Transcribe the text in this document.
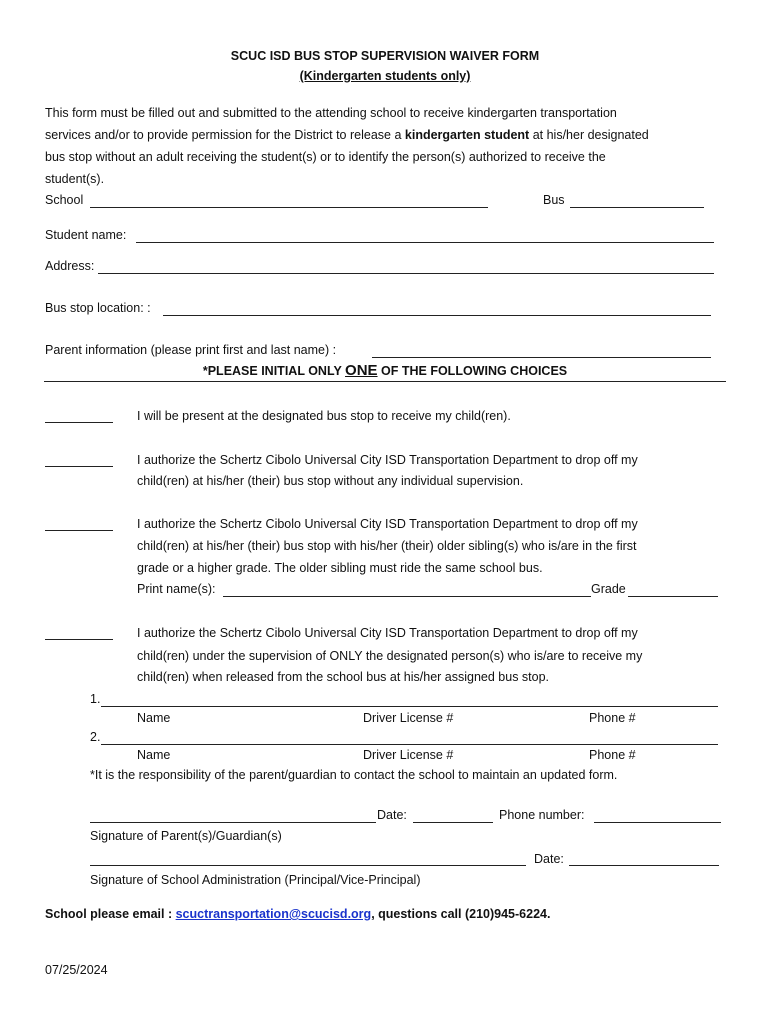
SCUC ISD BUS STOP SUPERVISION WAIVER FORM
(Kindergarten students only)
This form must be filled out and submitted to the attending school to receive kindergarten transportation
services and/or to provide permission for the District to release a kindergarten student at his/her designated
bus stop without an adult receiving the student(s) or to identify the person(s) authorized to receive the
student(s).
School	Bus
Student name:
Address:
Bus stop location: :
Parent information (please print first and last name) :
*PLEASE INITIAL ONLY ONE OF THE FOLLOWING CHOICES
I will be present at the designated bus stop to receive my child(ren).
I authorize the Schertz Cibolo Universal City ISD Transportation Department to drop off my
child(ren) at his/her (their) bus stop without any individual supervision.
I authorize the Schertz Cibolo Universal City ISD Transportation Department to drop off my
child(ren) at his/her (their) bus stop with his/her (their) older sibling(s) who is/are in the first
grade or a higher grade. The older sibling must ride the same school bus.
Print name(s):	Grade
I authorize the Schertz Cibolo Universal City ISD Transportation Department to drop off my
child(ren) under the supervision of ONLY the designated person(s) who is/are to receive my
child(ren) when released from the school bus at his/her assigned bus stop.
1.
Name	Driver License #	Phone #
2.
Name	Driver License #	Phone #
*It is the responsibility of the parent/guardian to contact the school to maintain an updated form.
Date:	Phone number:
Signature of Parent(s)/Guardian(s)
Date:
Signature of School Administration (Principal/Vice-Principal)
School please email : scuctransportation@scucisd.org, questions call (210)945-6224.
07/25/2024
